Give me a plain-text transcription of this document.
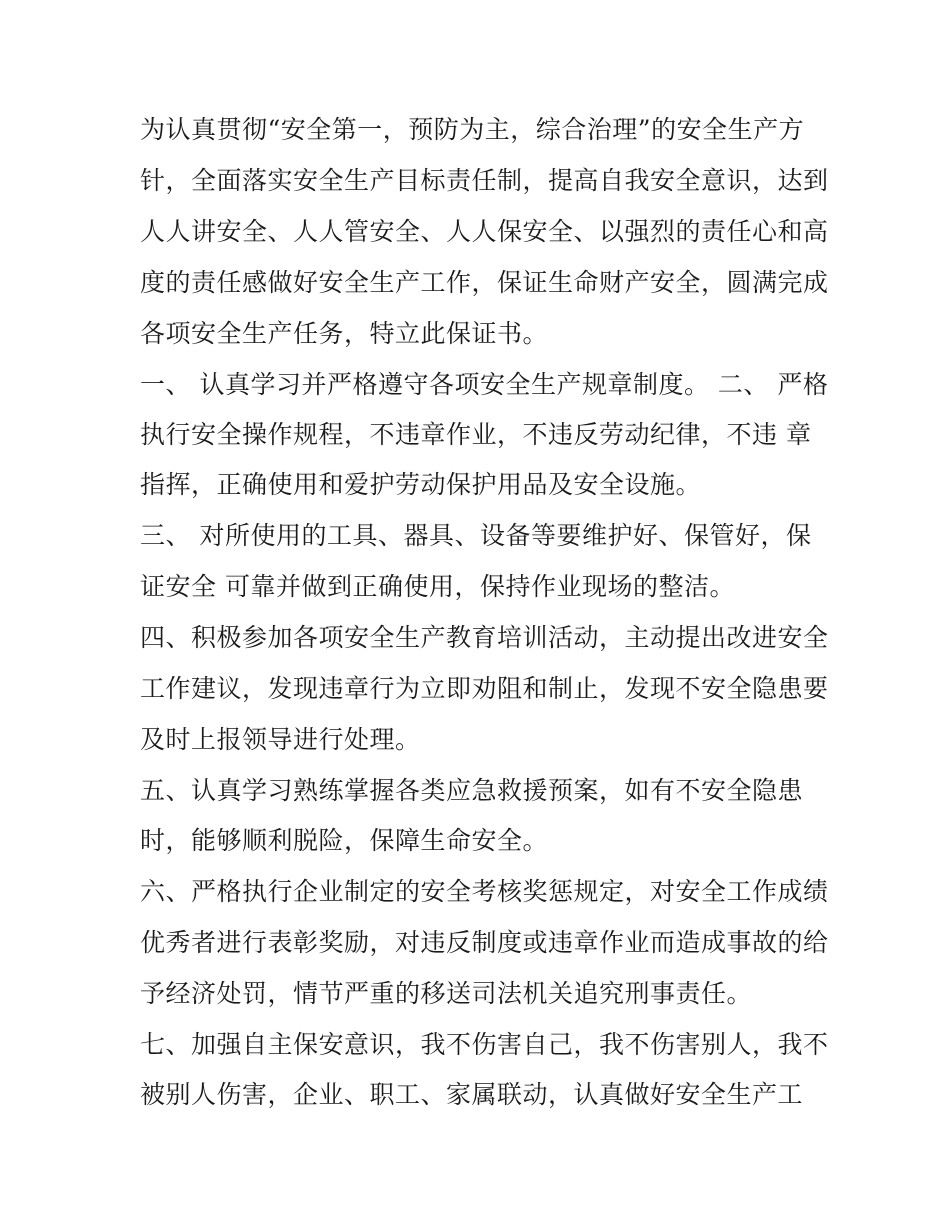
为认真贯彻“安全第一，预防为主，综合治理”的安全生产方
针，全面落实安全生产目标责任制，提高自我安全意识，达到
人人讲安全、人人管安全、人人保安全、以强烈的责任心和高
度的责任感做好安全生产工作，保证生命财产安全，圆满完成
各项安全生产任务，特立此保证书。
一、 认真学习并严格遵守各项安全生产规章制度。 二、 严格
执行安全操作规程，不违章作业，不违反劳动纪律，不违 章
指挥，正确使用和爱护劳动保护用品及安全设施。
三、 对所使用的工具、器具、设备等要维护好、保管好，保
证安全 可靠并做到正确使用，保持作业现场的整洁。
四、积极参加各项安全生产教育培训活动，主动提出改进安全
工作建议，发现违章行为立即劝阻和制止，发现不安全隐患要
及时上报领导进行处理。
五、认真学习熟练掌握各类应急救援预案，如有不安全隐患
时，能够顺利脱险，保障生命安全。
六、严格执行企业制定的安全考核奖惩规定，对安全工作成绩
优秀者进行表彰奖励，对违反制度或违章作业而造成事故的给
予经济处罚，情节严重的移送司法机关追究刑事责任。
七、加强自主保安意识，我不伤害自己，我不伤害别人，我不
被别人伤害，企业、职工、家属联动，认真做好安全生产工
